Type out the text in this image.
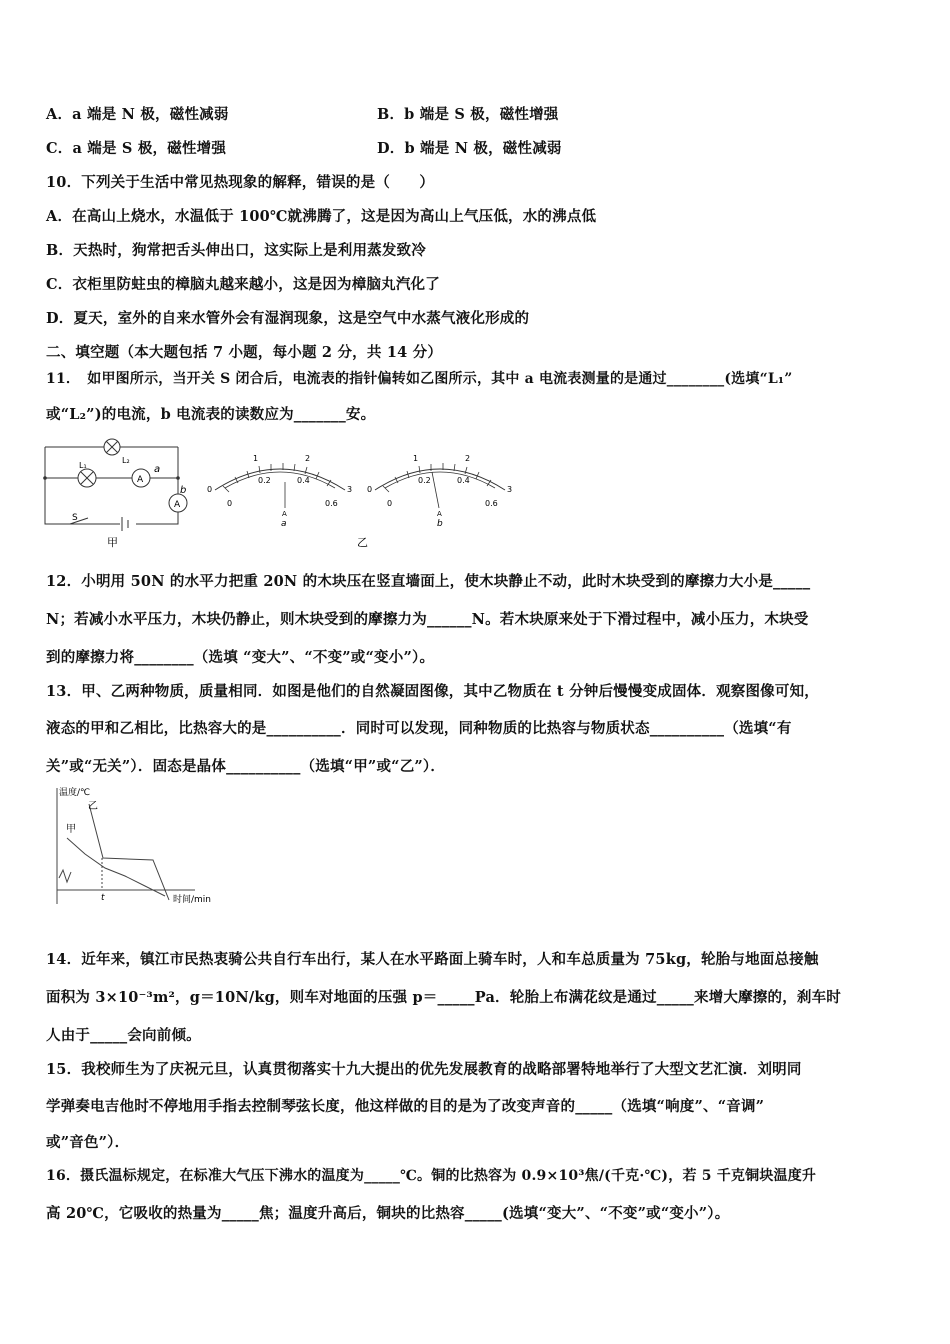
A．a 端是 N 极，磁性减弱	B．b 端是 S 极，磁性增强
C．a 端是 S 极，磁性增强	D．b 端是 N 极，磁性减弱
10．下列关于生活中常见热现象的解释，错误的是（　　）
A．在高山上烧水，水温低于 100℃就沸腾了，这是因为高山上气压低，水的沸点低
B．天热时，狗常把舌头伸出口，这实际上是利用蒸发致冷
C．衣柜里防蛀虫的樟脑丸越来越小，这是因为樟脑丸汽化了
D．夏天，室外的自来水管外会有湿润现象，这是空气中水蒸气液化形成的
二、填空题（本大题包括 7 小题，每小题 2 分，共 14 分）
11．　如甲图所示，当开关 S 闭合后，电流表的指针偏转如乙图所示，其中 a 电流表测量的是通过________(选填“L₁”
或“L₂”)的电流，b 电流表的读数应为_______安。
L₁
L₂
A
A
a
b
S
甲
1	2
0.2	0.4
0	3
0	0.6
A
a
1	2
0.2	0.4
0	3
0	0.6
A
b
乙
12．小明用 50N 的水平力把重 20N 的木块压在竖直墙面上，使木块静止不动，此时木块受到的摩擦力大小是_____
N；若减小水平压力，木块仍静止，则木块受到的摩擦力为______N。若木块原来处于下滑过程中，减小压力，木块受
到的摩擦力将________（选填 “变大”、“不变”或“变小”）。
13．甲、乙两种物质，质量相同．如图是他们的自然凝固图像，其中乙物质在 t 分钟后慢慢变成固体．观察图像可知，
液态的甲和乙相比，比热容大的是__________．同时可以发现，同种物质的比热容与物质状态__________（选填“有
关”或“无关”）．固态是晶体__________（选填“甲”或“乙”）．
温度/℃
甲
乙
t	时间/min
14．近年来，镇江市民热衷骑公共自行车出行，某人在水平路面上骑车时，人和车总质量为 75kg，轮胎与地面总接触
面积为 3×10⁻³m²，g＝10N/kg，则车对地面的压强 p＝_____Pa．轮胎上布满花纹是通过_____来增大摩擦的，刹车时
人由于_____会向前倾。
15．我校师生为了庆祝元旦，认真贯彻落实十九大提出的优先发展教育的战略部署特地举行了大型文艺汇演．刘明同
学弹奏电吉他时不停地用手指去控制琴弦长度，他这样做的目的是为了改变声音的_____（选填“响度”、“音调”
或”音色”）．
16．摄氏温标规定，在标准大气压下沸水的温度为_____℃。铜的比热容为 0.9×10³焦/(千克·℃)，若 5 千克铜块温度升
高 20℃，它吸收的热量为_____焦；温度升高后，铜块的比热容_____(选填“变大”、“不变”或“变小”）。
